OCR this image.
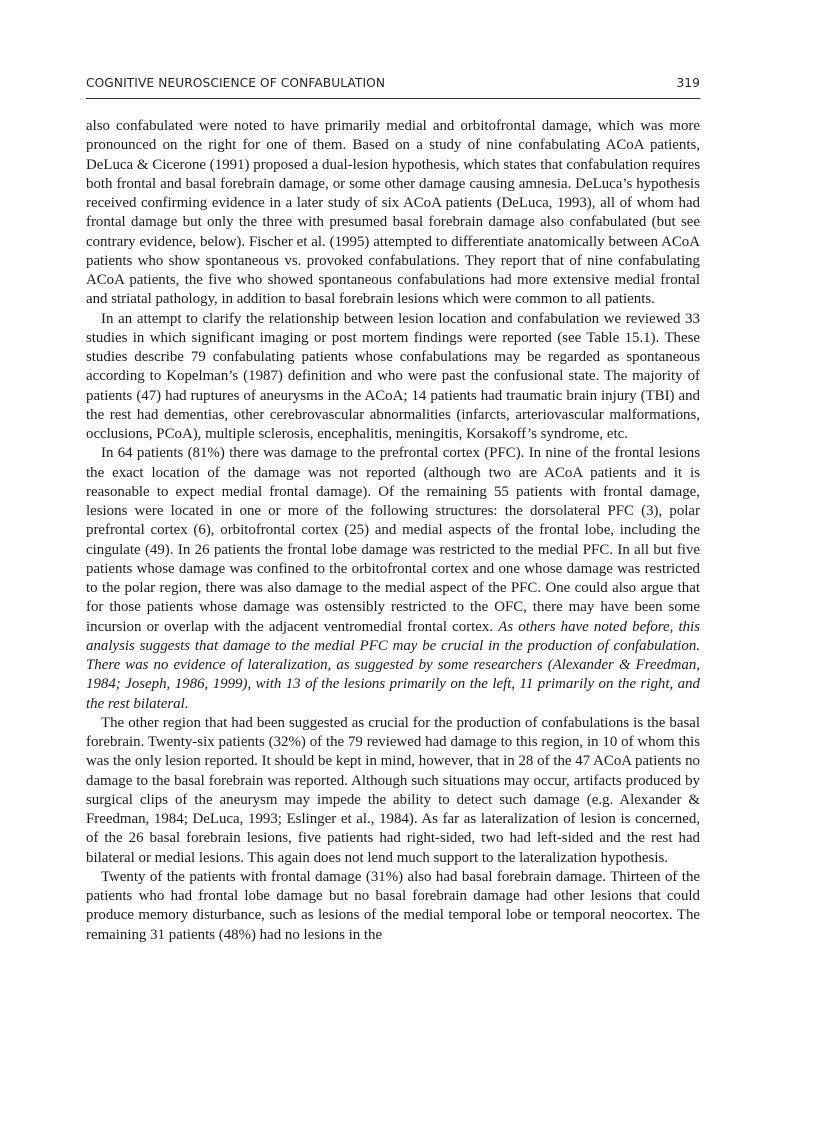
COGNITIVE NEUROSCIENCE OF CONFABULATION	319

also confabulated were noted to have primarily medial and orbitofrontal damage, which was more pronounced on the right for one of them. Based on a study of nine confabulating ACoA patients, DeLuca & Cicerone (1991) proposed a dual-lesion hypothesis, which states that confabulation requires both frontal and basal forebrain damage, or some other damage causing amnesia. DeLuca’s hypothesis received confirming evidence in a later study of six ACoA patients (DeLuca, 1993), all of whom had frontal damage but only the three with presumed basal forebrain damage also confabulated (but see contrary evidence, below). Fischer et al. (1995) attempted to differentiate anatomically between ACoA patients who show spontaneous vs. provoked confabulations. They report that of nine confabulating ACoA patients, the five who showed spontaneous confabulations had more extensive medial frontal and striatal pathology, in addition to basal forebrain lesions which were common to all patients.

In an attempt to clarify the relationship between lesion location and confabulation we reviewed 33 studies in which significant imaging or post mortem findings were reported (see Table 15.1). These studies describe 79 confabulating patients whose confabulations may be regarded as spontaneous according to Kopelman’s (1987) definition and who were past the confusional state. The majority of patients (47) had ruptures of aneurysms in the ACoA; 14 patients had traumatic brain injury (TBI) and the rest had dementias, other cerebrovascular abnormalities (infarcts, arteriovascular malformations, occlusions, PCoA), multiple sclerosis, encephalitis, meningitis, Korsakoff’s syndrome, etc.

In 64 patients (81%) there was damage to the prefrontal cortex (PFC). In nine of the frontal lesions the exact location of the damage was not reported (although two are ACoA patients and it is reasonable to expect medial frontal damage). Of the remaining 55 patients with frontal damage, lesions were located in one or more of the following structures: the dorsolateral PFC (3), polar prefrontal cortex (6), orbitofrontal cortex (25) and medial aspects of the frontal lobe, including the cingulate (49). In 26 patients the frontal lobe damage was restricted to the medial PFC. In all but five patients whose damage was confined to the orbitofrontal cortex and one whose damage was restricted to the polar region, there was also damage to the medial aspect of the PFC. One could also argue that for those patients whose damage was ostensibly restricted to the OFC, there may have been some incursion or overlap with the adjacent ventromedial frontal cortex. As others have noted before, this analysis suggests that damage to the medial PFC may be crucial in the production of confabulation. There was no evidence of lateralization, as suggested by some researchers (Alexander & Freedman, 1984; Joseph, 1986, 1999), with 13 of the lesions primarily on the left, 11 primarily on the right, and the rest bilateral.

The other region that had been suggested as crucial for the production of confabulations is the basal forebrain. Twenty-six patients (32%) of the 79 reviewed had damage to this region, in 10 of whom this was the only lesion reported. It should be kept in mind, however, that in 28 of the 47 ACoA patients no damage to the basal forebrain was reported. Although such situations may occur, artifacts produced by surgical clips of the aneurysm may impede the ability to detect such damage (e.g. Alexander & Freedman, 1984; DeLuca, 1993; Eslinger et al., 1984). As far as lateralization of lesion is concerned, of the 26 basal forebrain lesions, five patients had right-sided, two had left-sided and the rest had bilateral or medial lesions. This again does not lend much support to the lateralization hypothesis.

Twenty of the patients with frontal damage (31%) also had basal forebrain damage. Thirteen of the patients who had frontal lobe damage but no basal forebrain damage had other lesions that could produce memory disturbance, such as lesions of the medial temporal lobe or temporal neocortex. The remaining 31 patients (48%) had no lesions in the
